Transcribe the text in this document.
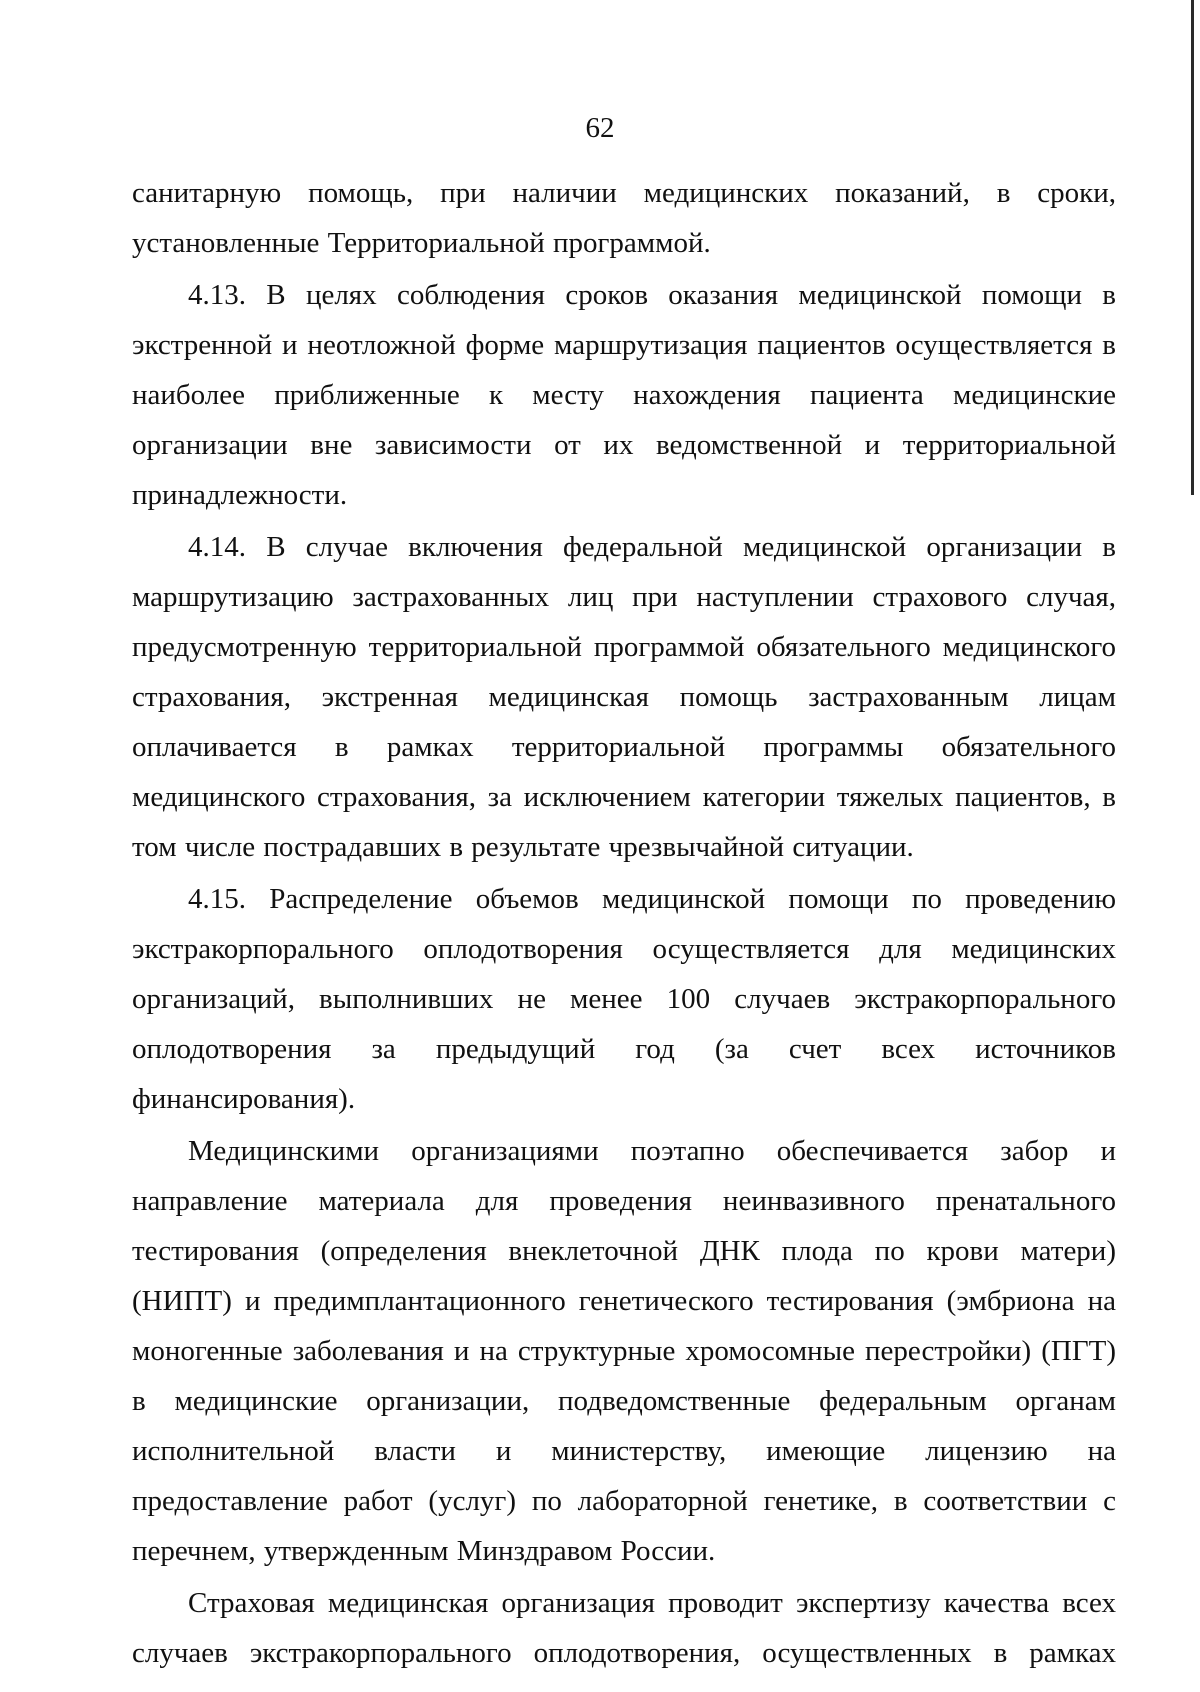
62

санитарную помощь, при наличии медицинских показаний, в сроки, установленные Территориальной программой.

4.13. В целях соблюдения сроков оказания медицинской помощи в экстренной и неотложной форме маршрутизация пациентов осуществляется в наиболее приближенные к месту нахождения пациента медицинские организации вне зависимости от их ведомственной и территориальной принадлежности.

4.14. В случае включения федеральной медицинской организации в маршрутизацию застрахованных лиц при наступлении страхового случая, предусмотренную территориальной программой обязательного медицинского страхования, экстренная медицинская помощь застрахованным лицам оплачивается в рамках территориальной программы обязательного медицинского страхования, за исключением категории тяжелых пациентов, в том числе пострадавших в результате чрезвычайной ситуации.

4.15. Распределение объемов медицинской помощи по проведению экстракорпорального оплодотворения осуществляется для медицинских организаций, выполнивших не менее 100 случаев экстракорпорального оплодотворения за предыдущий год (за счет всех источников финансирования).

Медицинскими организациями поэтапно обеспечивается забор и направление материала для проведения неинвазивного пренатального тестирования (определения внеклеточной ДНК плода по крови матери) (НИПТ) и предимплантационного генетического тестирования (эмбриона на моногенные заболевания и на структурные хромосомные перестройки) (ПГТ) в медицинские организации, подведомственные федеральным органам исполнительной власти и министерству, имеющие лицензию на предоставление работ (услуг) по лабораторной генетике, в соответствии с перечнем, утвержденным Минздравом России.

Страховая медицинская организация проводит экспертизу качества всех случаев экстракорпорального оплодотворения, осуществленных в рамках
